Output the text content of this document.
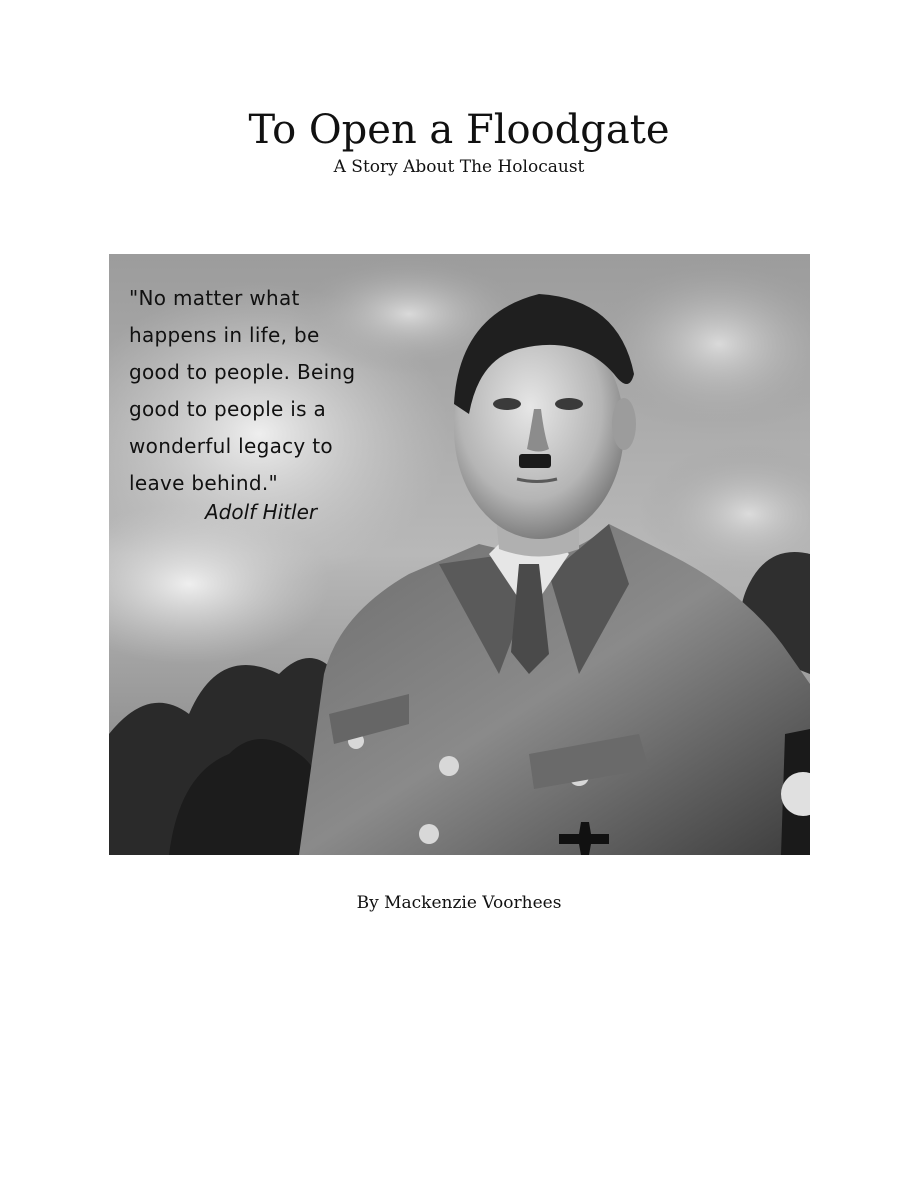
To Open a Floodgate
A Story About The Holocaust
"No matter what
happens in life, be
good to people. Being
good to people is a
wonderful legacy to
leave behind."
Adolf Hitler
By Mackenzie Voorhees
